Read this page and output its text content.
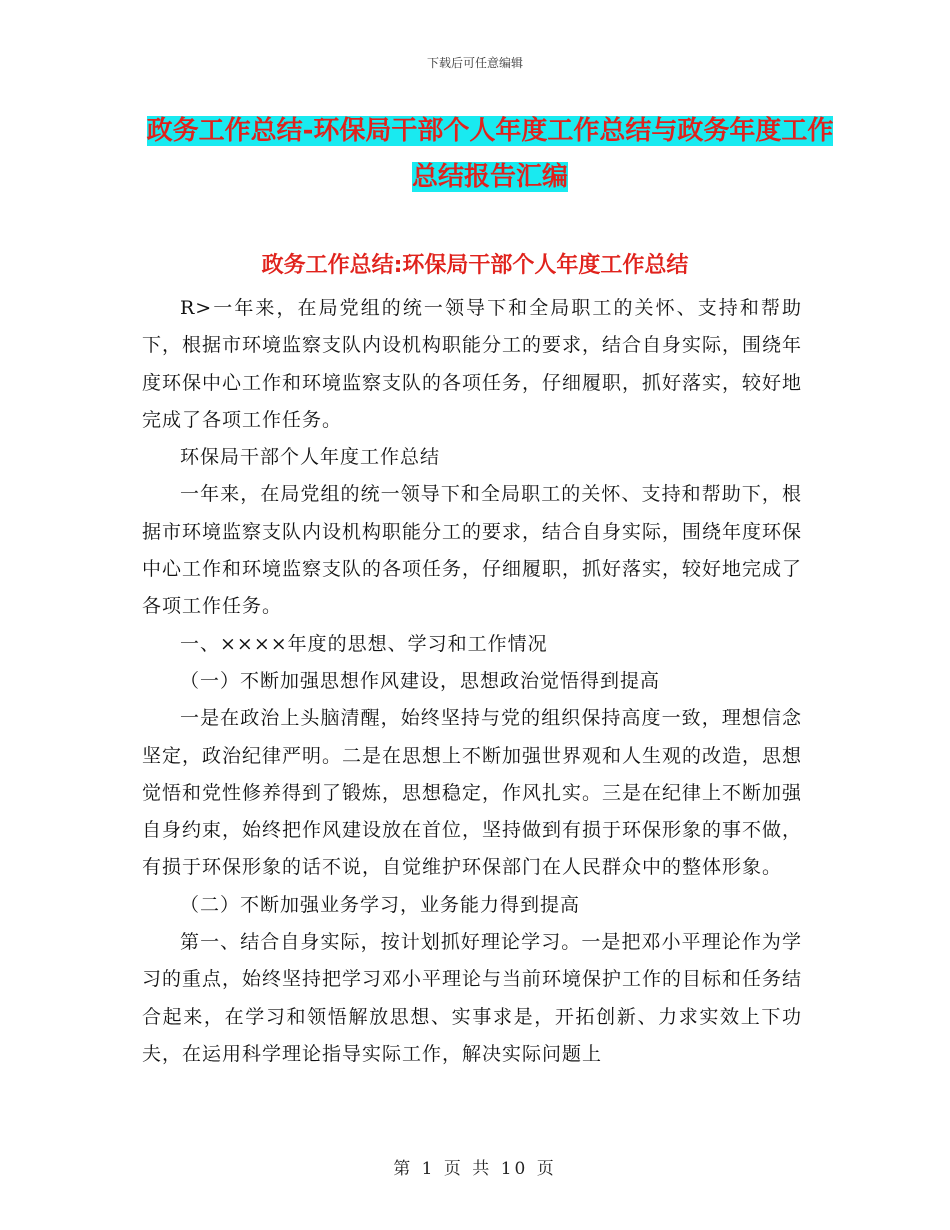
下载后可任意编辑
政务工作总结-环保局干部个人年度工作总结与政务年度工作总结报告汇编
政务工作总结:环保局干部个人年度工作总结

R>一年来，在局党组的统一领导下和全局职工的关怀、支持和帮助下，根据市环境监察支队内设机构职能分工的要求，结合自身实际，围绕年度环保中心工作和环境监察支队的各项任务，仔细履职，抓好落实，较好地完成了各项工作任务。

环保局干部个人年度工作总结

一年来，在局党组的统一领导下和全局职工的关怀、支持和帮助下，根据市环境监察支队内设机构职能分工的要求，结合自身实际，围绕年度环保中心工作和环境监察支队的各项任务，仔细履职，抓好落实，较好地完成了各项工作任务。

一、××××年度的思想、学习和工作情况

（一）不断加强思想作风建设，思想政治觉悟得到提高

一是在政治上头脑清醒，始终坚持与党的组织保持高度一致，理想信念坚定，政治纪律严明。二是在思想上不断加强世界观和人生观的改造，思想觉悟和党性修养得到了锻炼，思想稳定，作风扎实。三是在纪律上不断加强自身约束，始终把作风建设放在首位，坚持做到有损于环保形象的事不做，有损于环保形象的话不说，自觉维护环保部门在人民群众中的整体形象。

（二）不断加强业务学习，业务能力得到提高

第一、结合自身实际，按计划抓好理论学习。一是把邓小平理论作为学习的重点，始终坚持把学习邓小平理论与当前环境保护工作的目标和任务结合起来，在学习和领悟解放思想、实事求是，开拓创新、力求实效上下功夫，在运用科学理论指导实际工作，解决实际问题上

第 1 页 共 10 页
